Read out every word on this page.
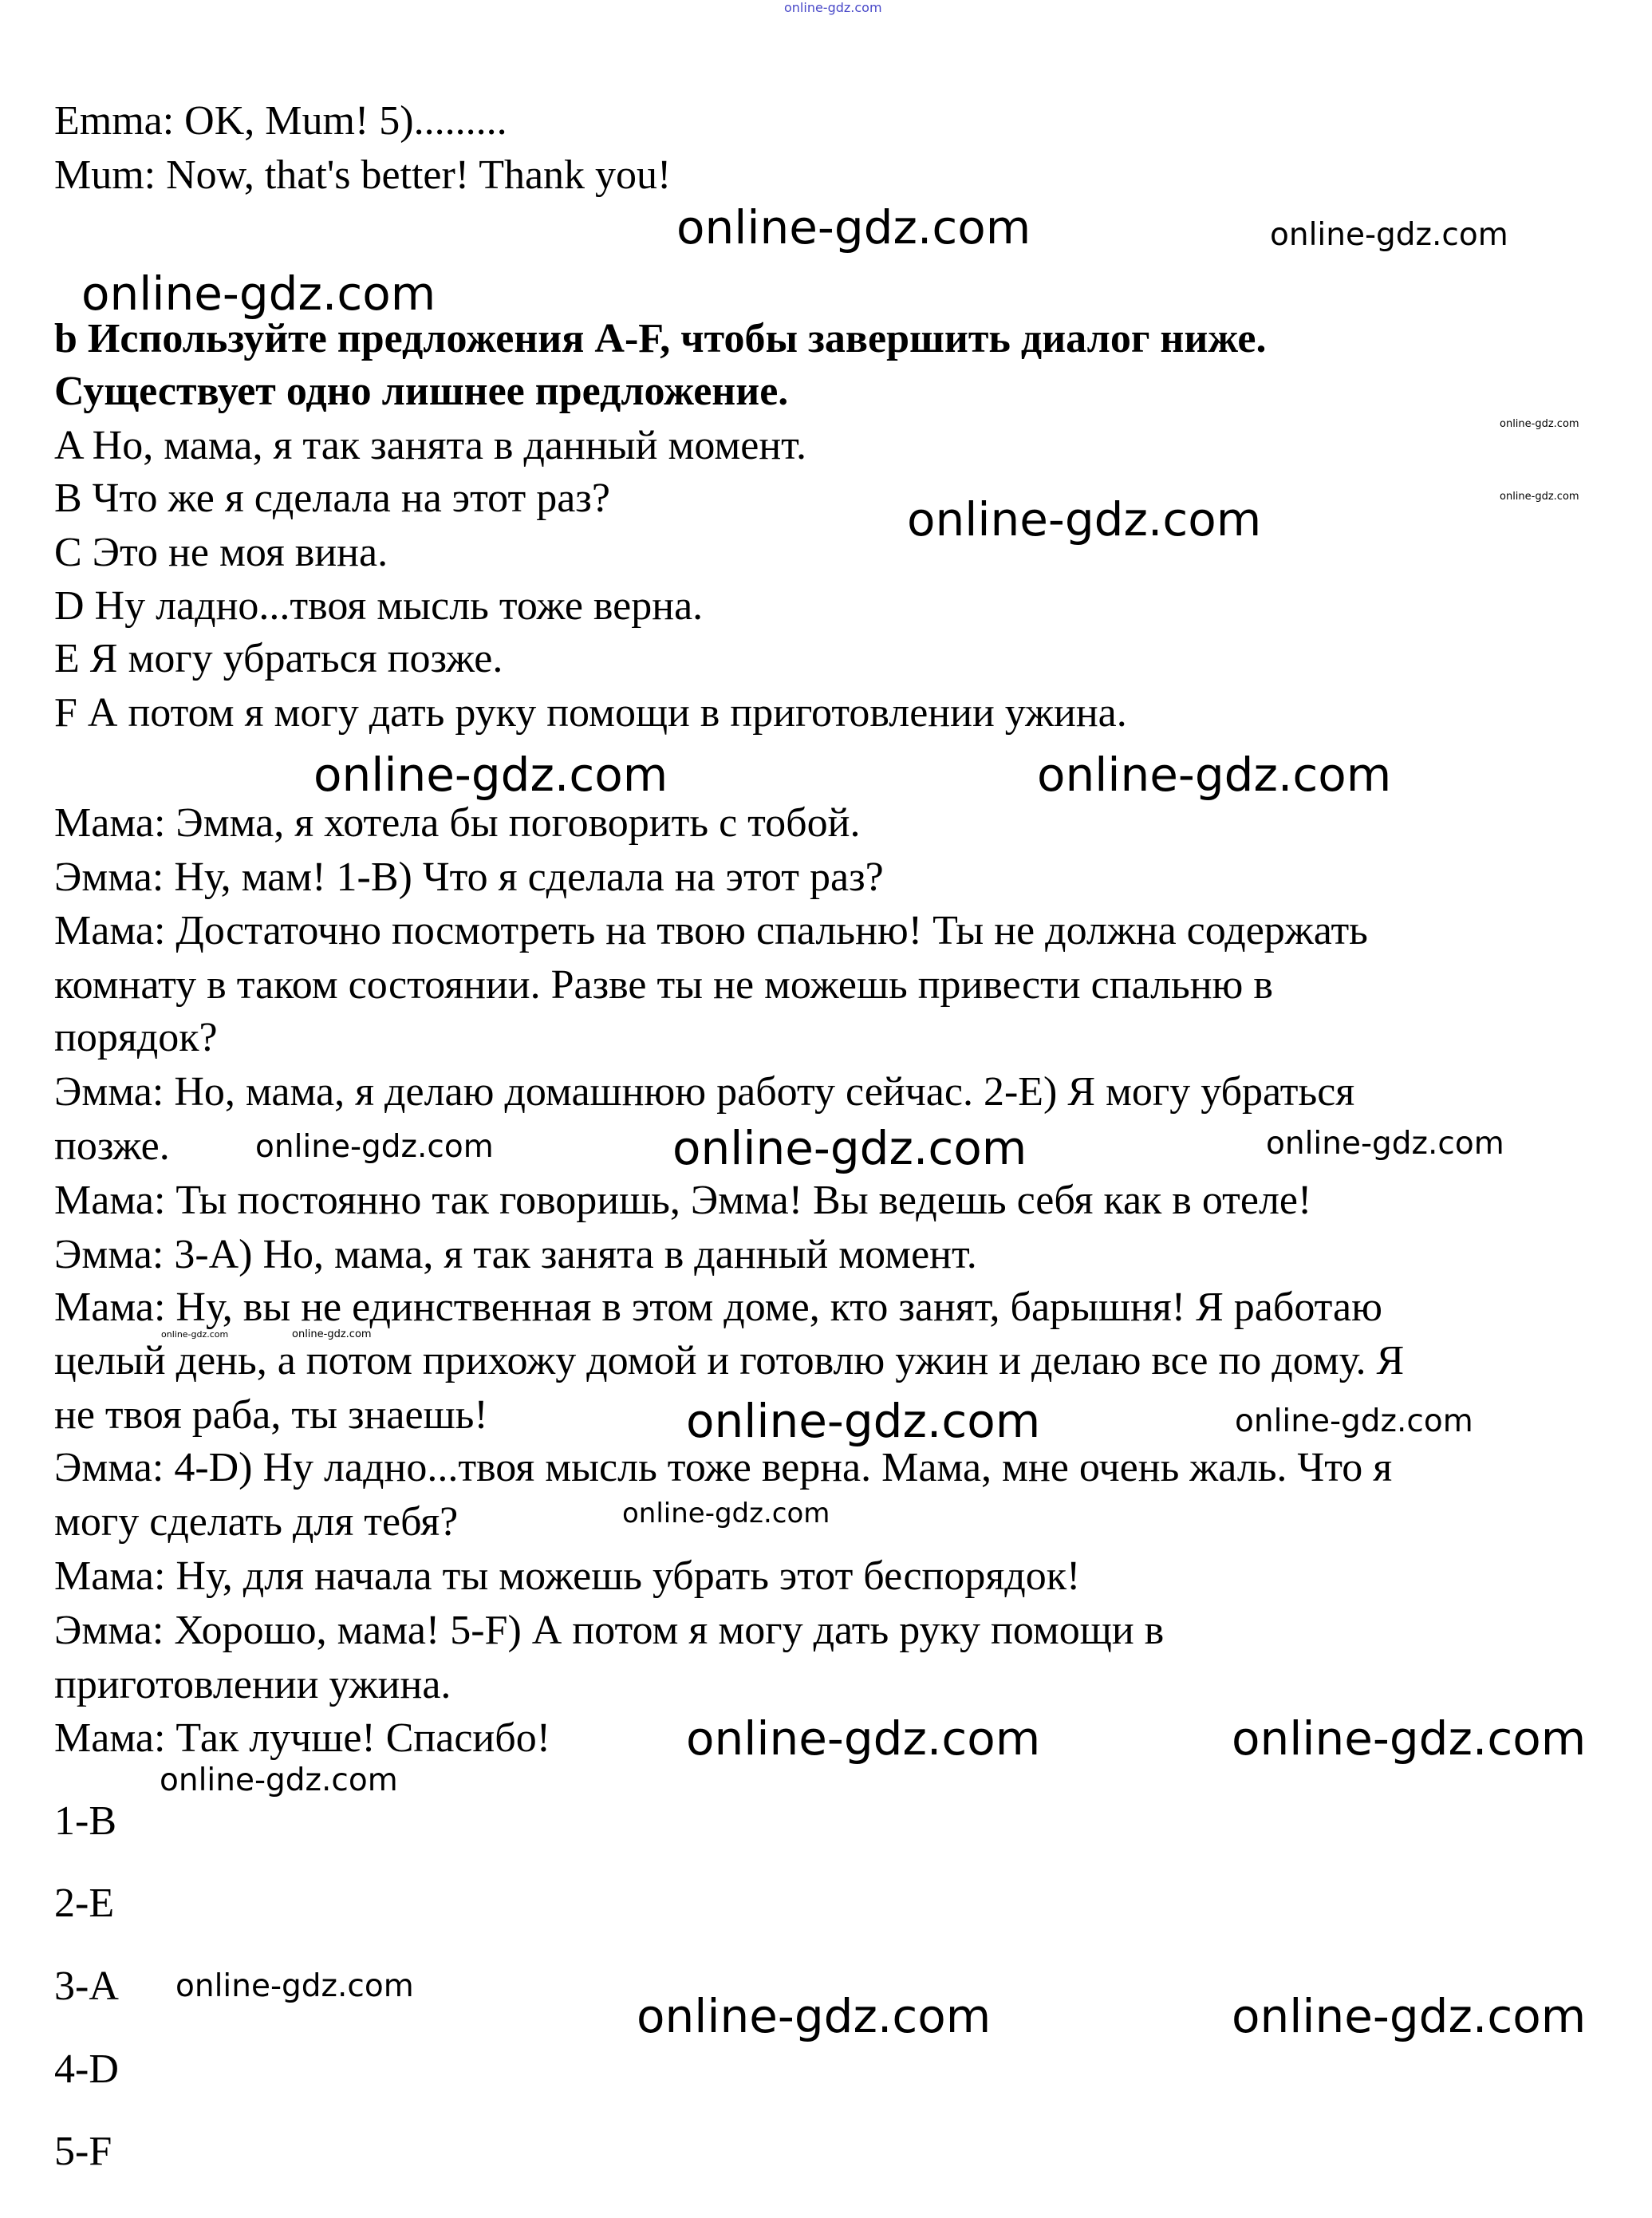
Emma: OK, Mum! 5).........
Mum: Now, that's better! Thank you!
b Используйте предложения A-F, чтобы завершить диалог ниже.
Существует одно лишнее предложение.
A Но, мама, я так занята в данный момент.
B Что же я сделала на этот раз?
C Это не моя вина.
D Ну ладно...твоя мысль тоже верна.
E Я могу убраться позже.
F А потом я могу дать руку помощи в приготовлении ужина.
Мама: Эмма, я хотела бы поговорить с тобой.
Эмма: Ну, мам! 1-B) Что я сделала на этот раз?
Мама: Достаточно посмотреть на твою спальню! Ты не должна содержать
комнату в таком состоянии. Разве ты не можешь привести спальню в
порядок?
Эмма: Но, мама, я делаю домашнюю работу сейчас. 2-E) Я могу убраться
позже.
Мама: Ты постоянно так говоришь, Эмма! Вы ведешь себя как в отеле!
Эмма: 3-A) Но, мама, я так занята в данный момент.
Мама: Ну, вы не единственная в этом доме, кто занят, барышня! Я работаю
целый день, а потом прихожу домой и готовлю ужин и делаю все по дому. Я
не твоя раба, ты знаешь!
Эмма: 4-D) Ну ладно...твоя мысль тоже верна. Мама, мне очень жаль. Что я
могу сделать для тебя?
Мама: Ну, для начала ты можешь убрать этот беспорядок!
Эмма: Хорошо, мама! 5-F) А потом я могу дать руку помощи в
приготовлении ужина.
Мама: Так лучше! Спасибо!
1-B
2-E
3-A
4-D
5-F
online-gdz.com
online-gdz.com	online-gdz.com
online-gdz.com
online-gdz.com
online-gdz.com
online-gdz.com
online-gdz.com	online-gdz.com
online-gdz.com	online-gdz.com	online-gdz.com
online-gdz.com	online-gdz.com
online-gdz.com	online-gdz.com
online-gdz.com
online-gdz.com	online-gdz.com
online-gdz.com
online-gdz.com
online-gdz.com	online-gdz.com
